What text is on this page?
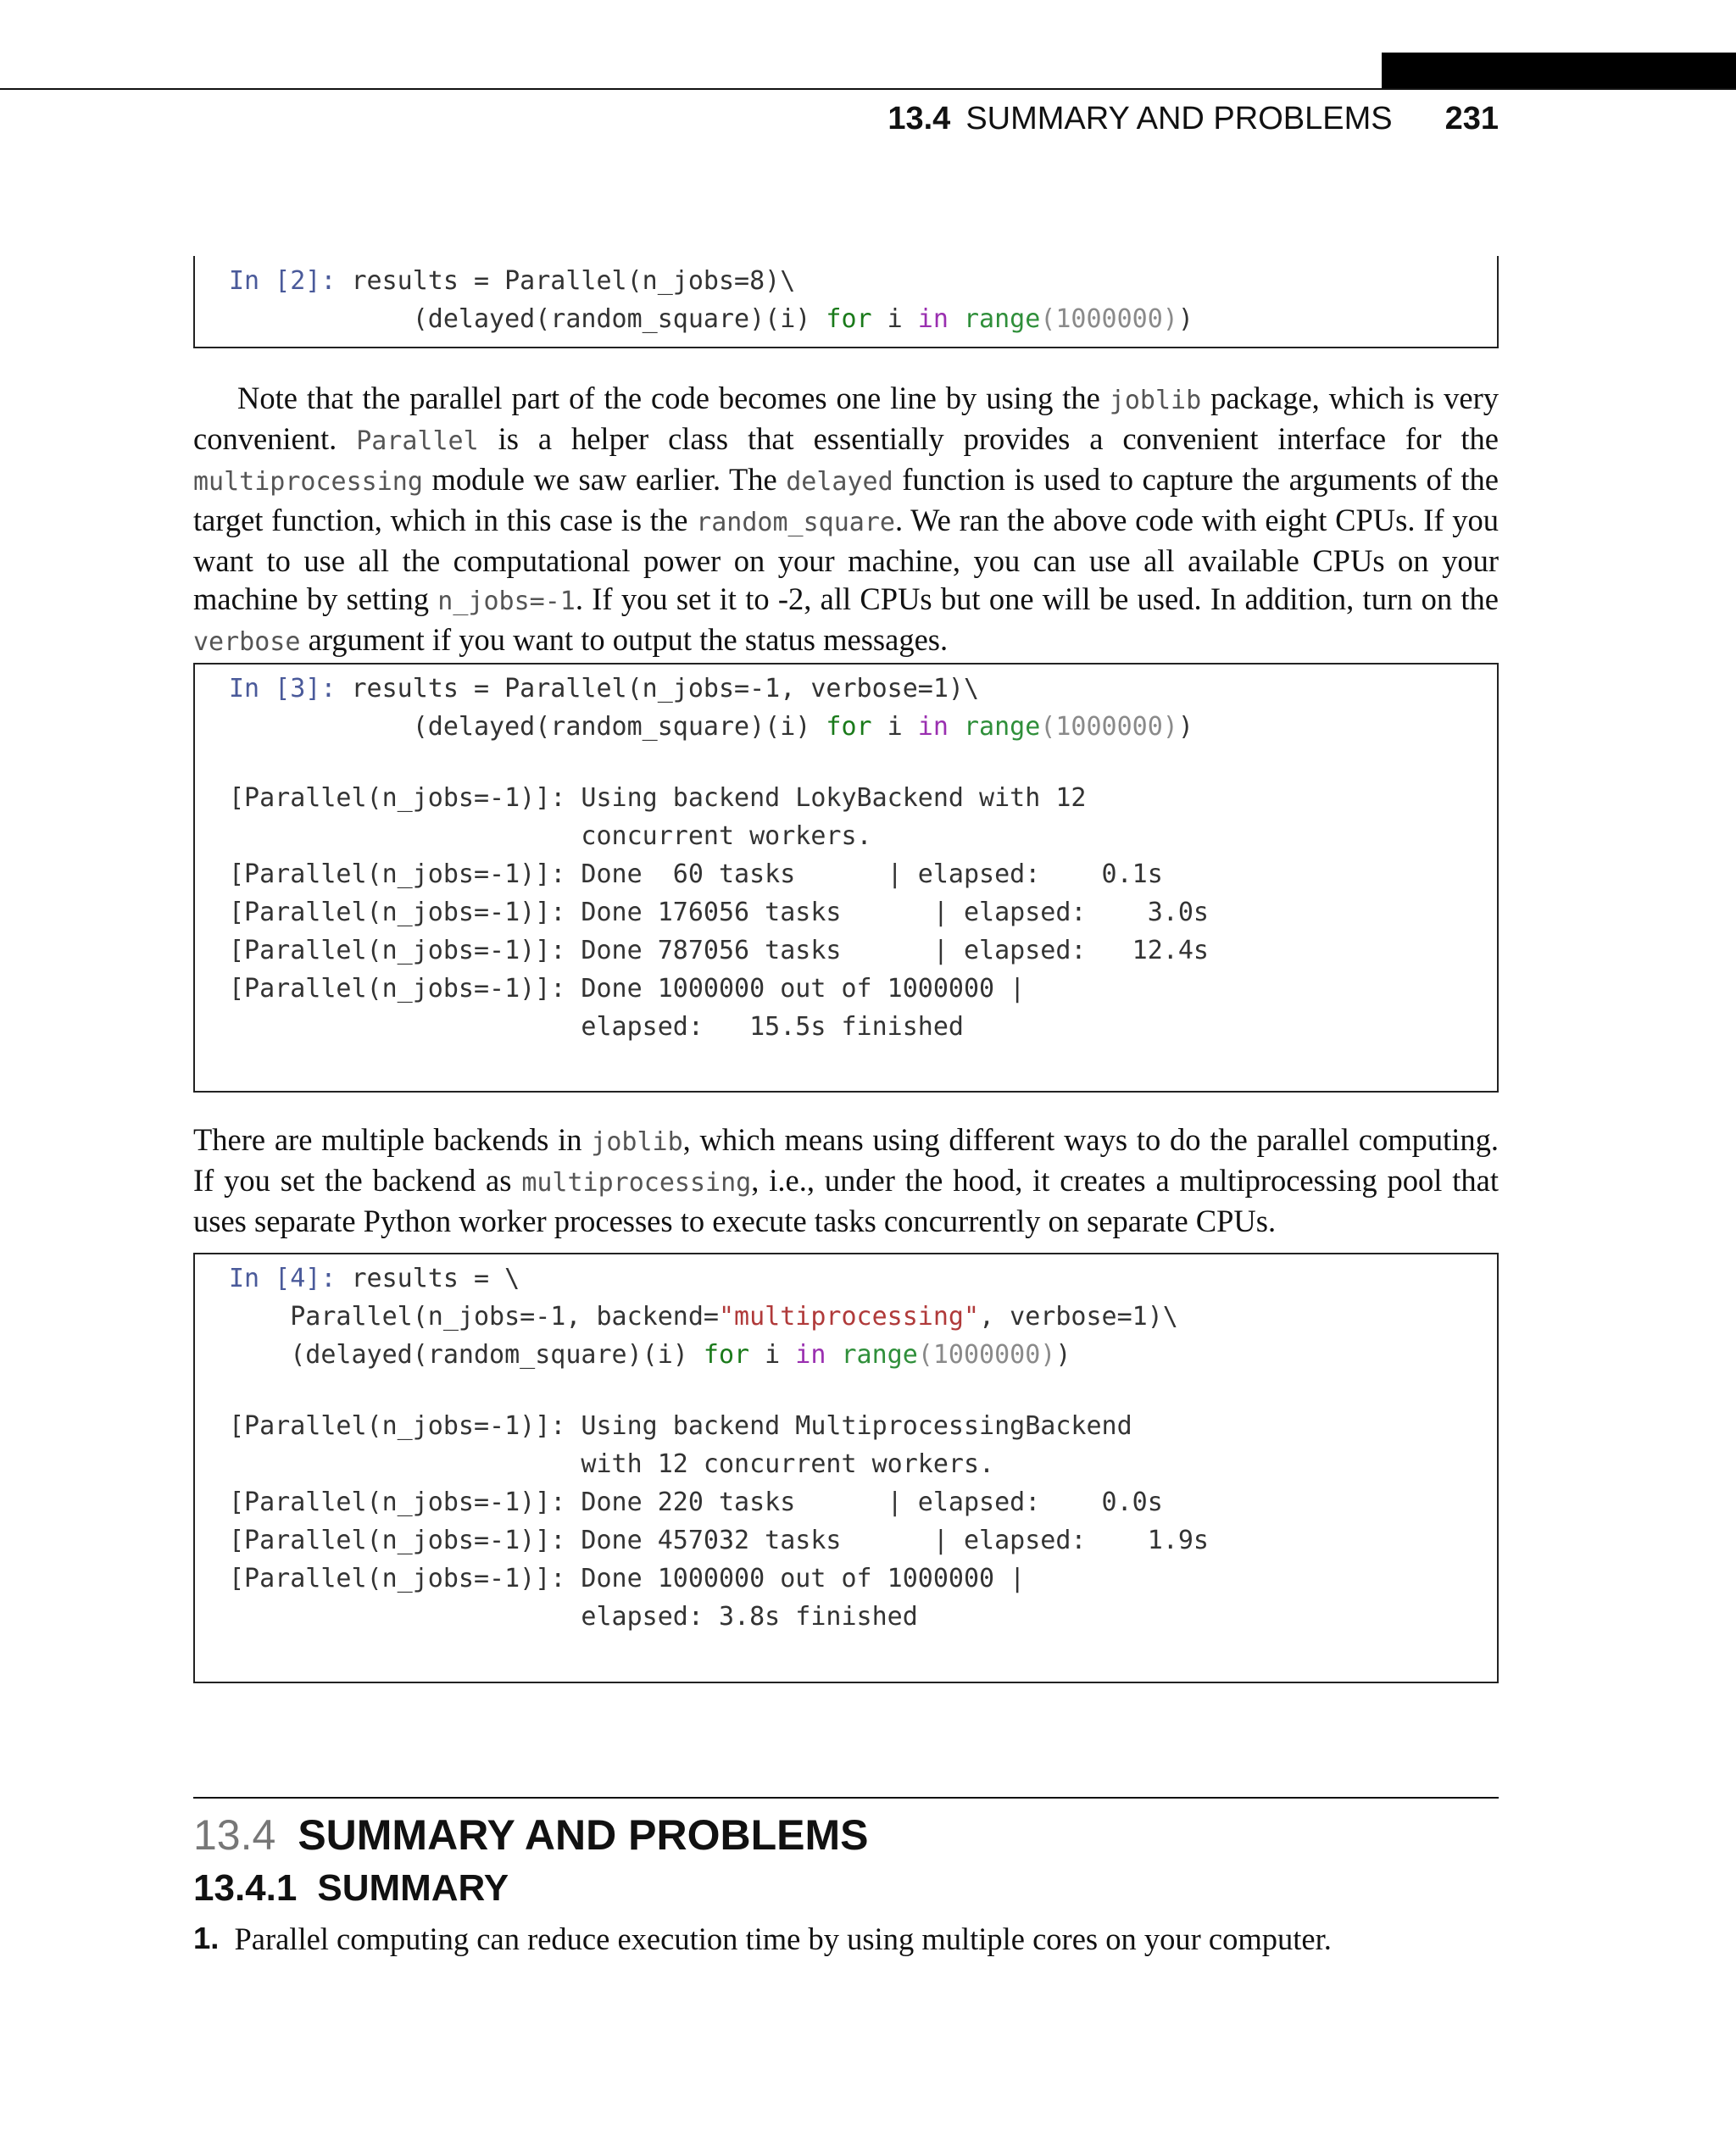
13.4 SUMMARY AND PROBLEMS 231
In [2]: results = Parallel(n_jobs=8)\
(delayed(random_square)(i) for i in range(1000000))
Note that the parallel part of the code becomes one line by using the joblib package, which is very convenient. Parallel is a helper class that essentially provides a convenient interface for the multiprocessing module we saw earlier. The delayed function is used to capture the arguments of the target function, which in this case is the random_square. We ran the above code with eight CPUs. If you want to use all the computational power on your machine, you can use all available CPUs on your machine by setting n_jobs=-1. If you set it to -2, all CPUs but one will be used. In addition, turn on the verbose argument if you want to output the status messages.
In [3]: results = Parallel(n_jobs=-1, verbose=1)\
(delayed(random_square)(i) for i in range(1000000))
[Parallel(n_jobs=-1)]: Using backend LokyBackend with 12
concurrent workers.
[Parallel(n_jobs=-1)]: Done  60 tasks      | elapsed:    0.1s
[Parallel(n_jobs=-1)]: Done 176056 tasks      | elapsed:    3.0s
[Parallel(n_jobs=-1)]: Done 787056 tasks      | elapsed:   12.4s
[Parallel(n_jobs=-1)]: Done 1000000 out of 1000000 |
elapsed:   15.5s finished
There are multiple backends in joblib, which means using different ways to do the parallel computing. If you set the backend as multiprocessing, i.e., under the hood, it creates a multiprocessing pool that uses separate Python worker processes to execute tasks concurrently on separate CPUs.
In [4]: results = \
Parallel(n_jobs=-1, backend="multiprocessing", verbose=1)\
(delayed(random_square)(i) for i in range(1000000))
[Parallel(n_jobs=-1)]: Using backend MultiprocessingBackend
with 12 concurrent workers.
[Parallel(n_jobs=-1)]: Done 220 tasks      | elapsed:    0.0s
[Parallel(n_jobs=-1)]: Done 457032 tasks      | elapsed:    1.9s
[Parallel(n_jobs=-1)]: Done 1000000 out of 1000000 |
elapsed: 3.8s finished
13.4 SUMMARY AND PROBLEMS
13.4.1 SUMMARY
1. Parallel computing can reduce execution time by using multiple cores on your computer.
